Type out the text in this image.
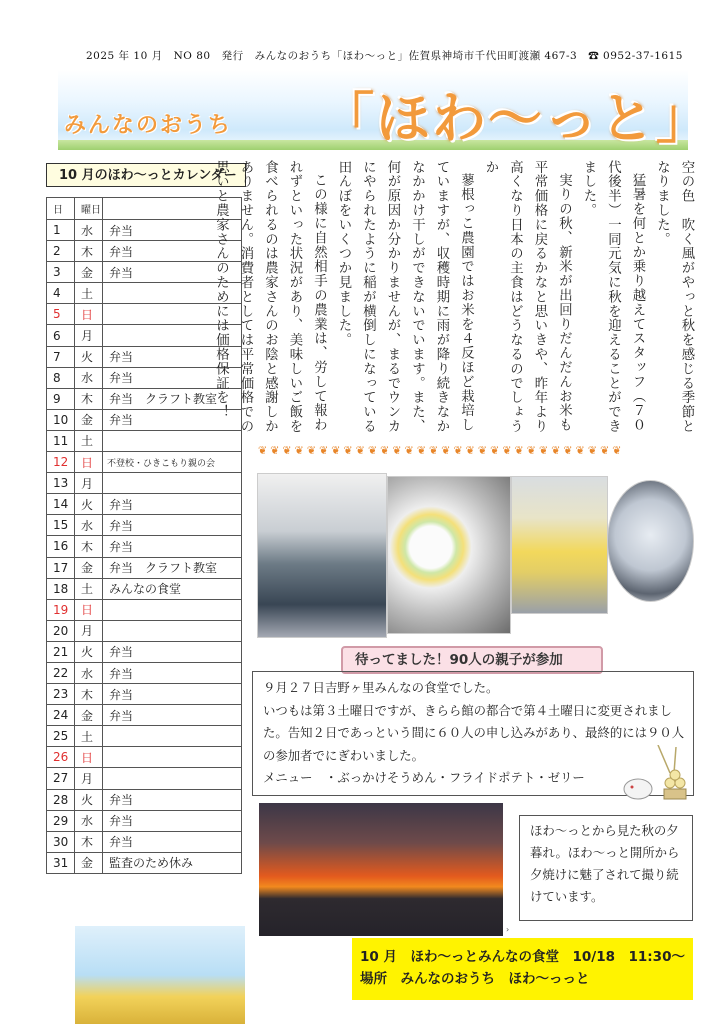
2025 年 10 月　NO 80　発行　みんなのおうち「ほわ〜っと」佐賀県神埼市千代田町渡瀬 467-3　☎ 0952-37-1615
みんなのおうち 「ほわ〜っと」
10 月のほわ〜っとカレンダー
日	曜日	
1	水	弁当
2	木	弁当
3	金	弁当
4	土	
5	日	
6	月	
7	火	弁当
8	水	弁当
9	木	弁当　クラフト教室
10	金	弁当
11	土	
12	日	不登校・ひきこもり親の会
13	月	
14	火	弁当
15	水	弁当
16	木	弁当
17	金	弁当　クラフト教室
18	土	みんなの食堂
19	日	
20	月	
21	火	弁当
22	水	弁当
23	木	弁当
24	金	弁当
25	土	
26	日	
27	月	
28	火	弁当
29	水	弁当
30	木	弁当
31	金	監査のため休み

空の色　吹く風がやっと秋を感じる季節となりました。

猛暑を何とか乗り越えてスタッフ（７０代後半）一同元気に秋を迎えることができました。

実りの秋、新米が出回りだんだんお米も平常価格に戻るかなと思いきや、昨年より高くなり日本の主食はどうなるのでしょうか

蓼根っこ農園ではお米を４反ほど栽培していますが、収穫時期に雨が降り続きなかなかかけ干しができないでいます。また、何が原因か分かりませんが、まるでウンカにやられたように稲が横倒しになっている田んぼをいくつか見ました。

この様に自然相手の農業は、労して報われずといった状況があり、美味しいご飯を食べられるのは農家さんのお陰と感謝しかありません。消費者としては平常価格での思いと農家さんのためには価格保証を！

❦❦❦❦❦❦❦❦❦❦❦❦❦❦❦❦❦❦❦❦❦❦❦❦❦❦❦❦❦❦
待ってました！90人の親子が参加

９月２７日吉野ヶ里みんなの食堂でした。

いつもは第３土曜日ですが、きらら館の都合で第４土曜日に変更されました。告知２日であっという間に６０人の申し込みがあり、最終的には９０人の参加者でにぎわいました。

メニュー　・ぶっかけそうめん・フライドポテト・ゼリー

›
ほわ〜っとから見た秋の夕暮れ。ほわ〜っと開所から夕焼けに魅了されて撮り続けています。

10 月　ほわ〜っとみんなの食堂　10/18　11:30〜

場所　みんなのおうち　ほわ〜っっと
